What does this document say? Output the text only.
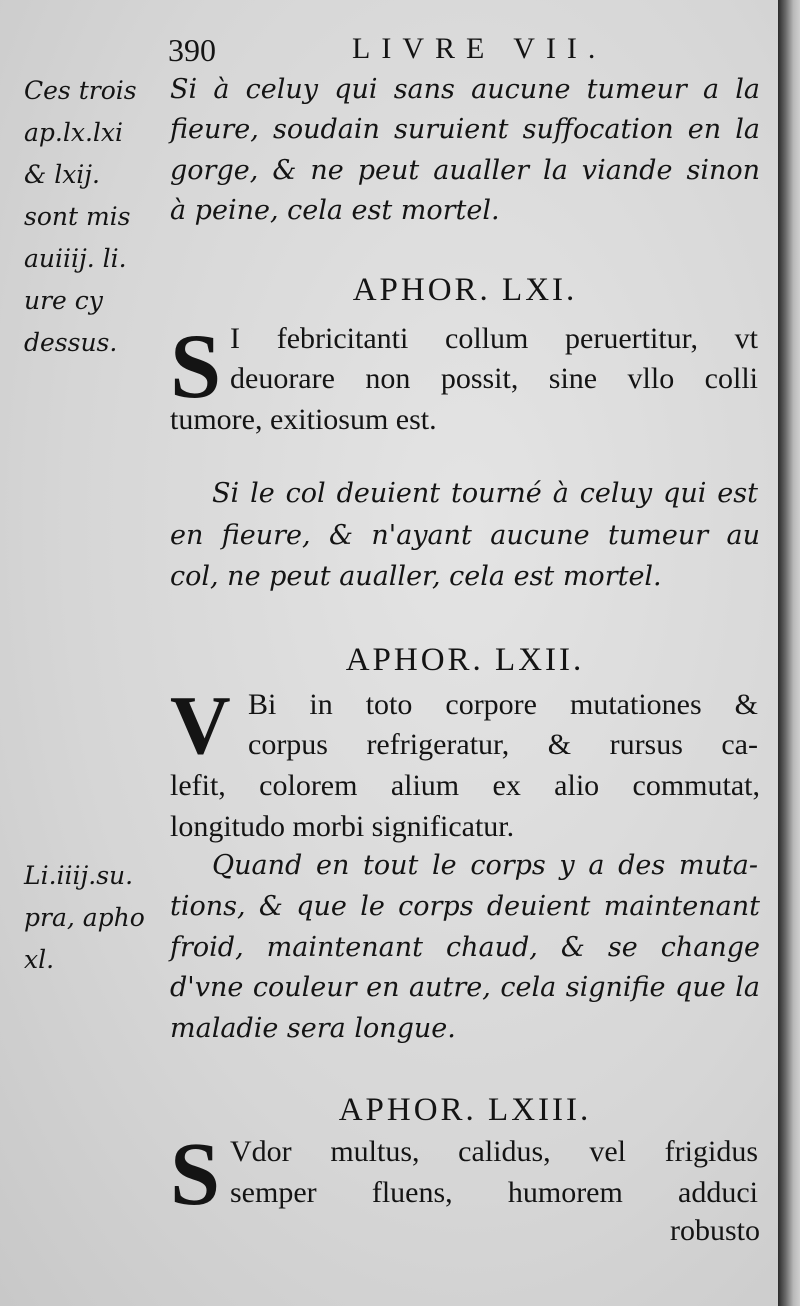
390	LIVRE VII.
Ces trois
ap.lx.lxi
& lxij.
sont mis
auiiij. li.
ure cy
dessus.
Li.iiij.su.
pra, apho
xl.
Si à celuy qui sans aucune tumeur a la
fieure, soudain suruient suffocation en la
gorge, & ne peut aualler la viande sinon
à peine, cela est mortel.
APHOR. LXI.
S I febricitanti collum peruertitur, vt
deuorare non possit, sine vllo colli
tumore, exitiosum est.
Si le col deuient tourné à celuy qui est
en fieure, & n'ayant aucune tumeur au
col, ne peut aualler, cela est mortel.
APHOR. LXII.
V Bi in toto corpore mutationes &
corpus refrigeratur, & rursus ca-
lefit, colorem alium ex alio commutat,
longitudo morbi significatur.
Quand en tout le corps y a des muta-
tions, & que le corps deuient maintenant
froid, maintenant chaud, & se change
d'vne couleur en autre, cela signifie que la
maladie sera longue.
APHOR. LXIII.
S Vdor multus, calidus, vel frigidus
semper fluens, humorem adduci
robusto
